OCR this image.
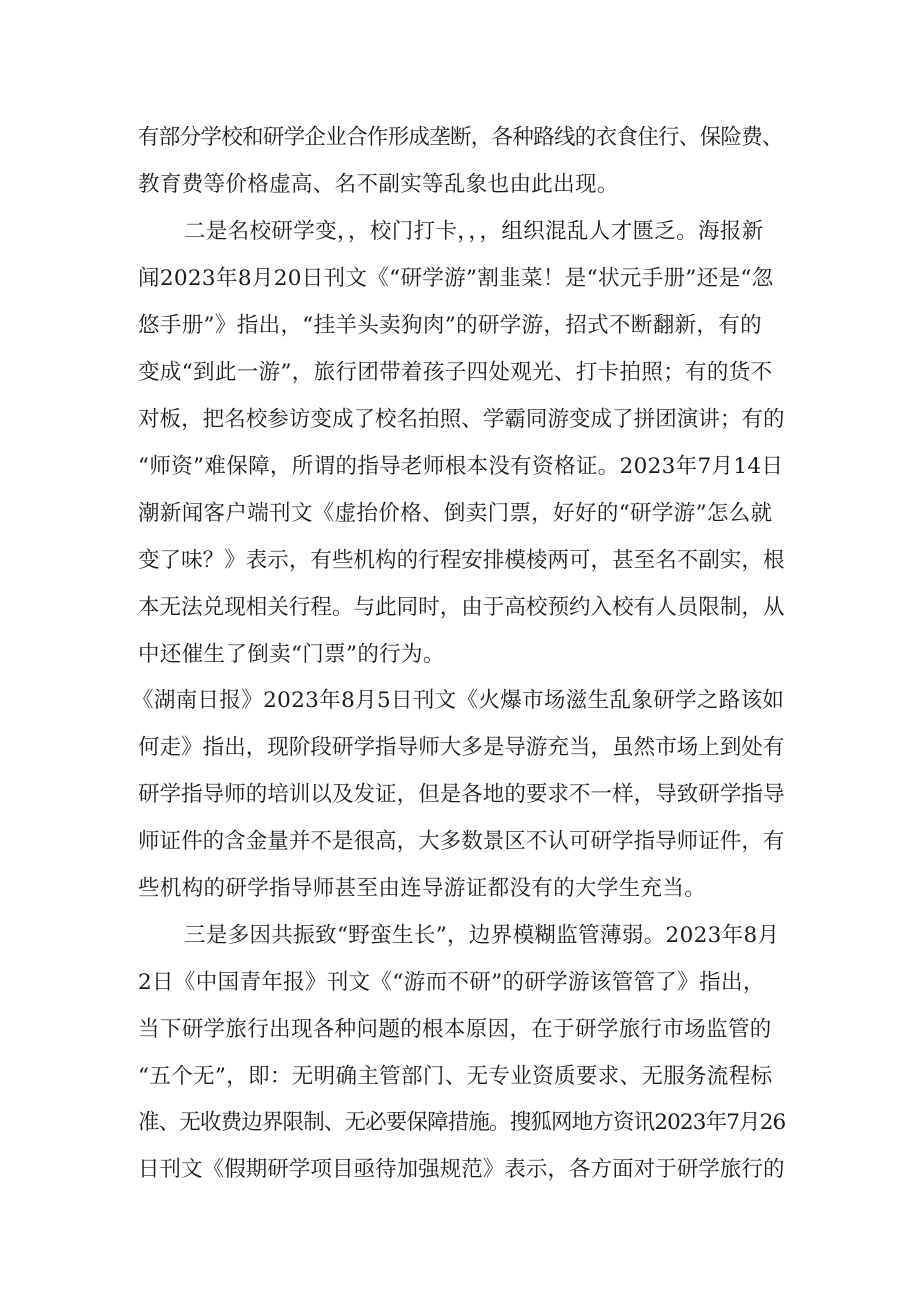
有部分学校和研学企业合作形成垄断，各种路线的衣食住行、保险费、
教育费等价格虚高、名不副实等乱象也由此出现。
二是名校研学变，，校门打卡，，，组织混乱人才匮乏。海报新
闻2023年8月20日刊文《“研学游”割韭菜！是“状元手册”还是“忽
悠手册”》指出，“挂羊头卖狗肉”的研学游，招式不断翻新，有的
变成“到此一游”，旅行团带着孩子四处观光、打卡拍照；有的货不
对板，把名校参访变成了校名拍照、学霸同游变成了拼团演讲；有的
“师资”难保障，所谓的指导老师根本没有资格证。2023年7月14日
潮新闻客户端刊文《虚抬价格、倒卖门票，好好的“研学游”怎么就
变了味？》表示，有些机构的行程安排模棱两可，甚至名不副实，根
本无法兑现相关行程。与此同时，由于高校预约入校有人员限制，从
中还催生了倒卖“门票”的行为。
《湖南日报》2023年8月5日刊文《火爆市场滋生乱象研学之路该如
何走》指出，现阶段研学指导师大多是导游充当，虽然市场上到处有
研学指导师的培训以及发证，但是各地的要求不一样，导致研学指导
师证件的含金量并不是很高，大多数景区不认可研学指导师证件，有
些机构的研学指导师甚至由连导游证都没有的大学生充当。
三是多因共振致“野蛮生长”，边界模糊监管薄弱。2023年8月
2日《中国青年报》刊文《“游而不研”的研学游该管管了》指出，
当下研学旅行出现各种问题的根本原因，在于研学旅行市场监管的
“五个无”，即：无明确主管部门、无专业资质要求、无服务流程标
准、无收费边界限制、无必要保障措施。搜狐网地方资讯2023年7月26
日刊文《假期研学项目亟待加强规范》表示，各方面对于研学旅行的
